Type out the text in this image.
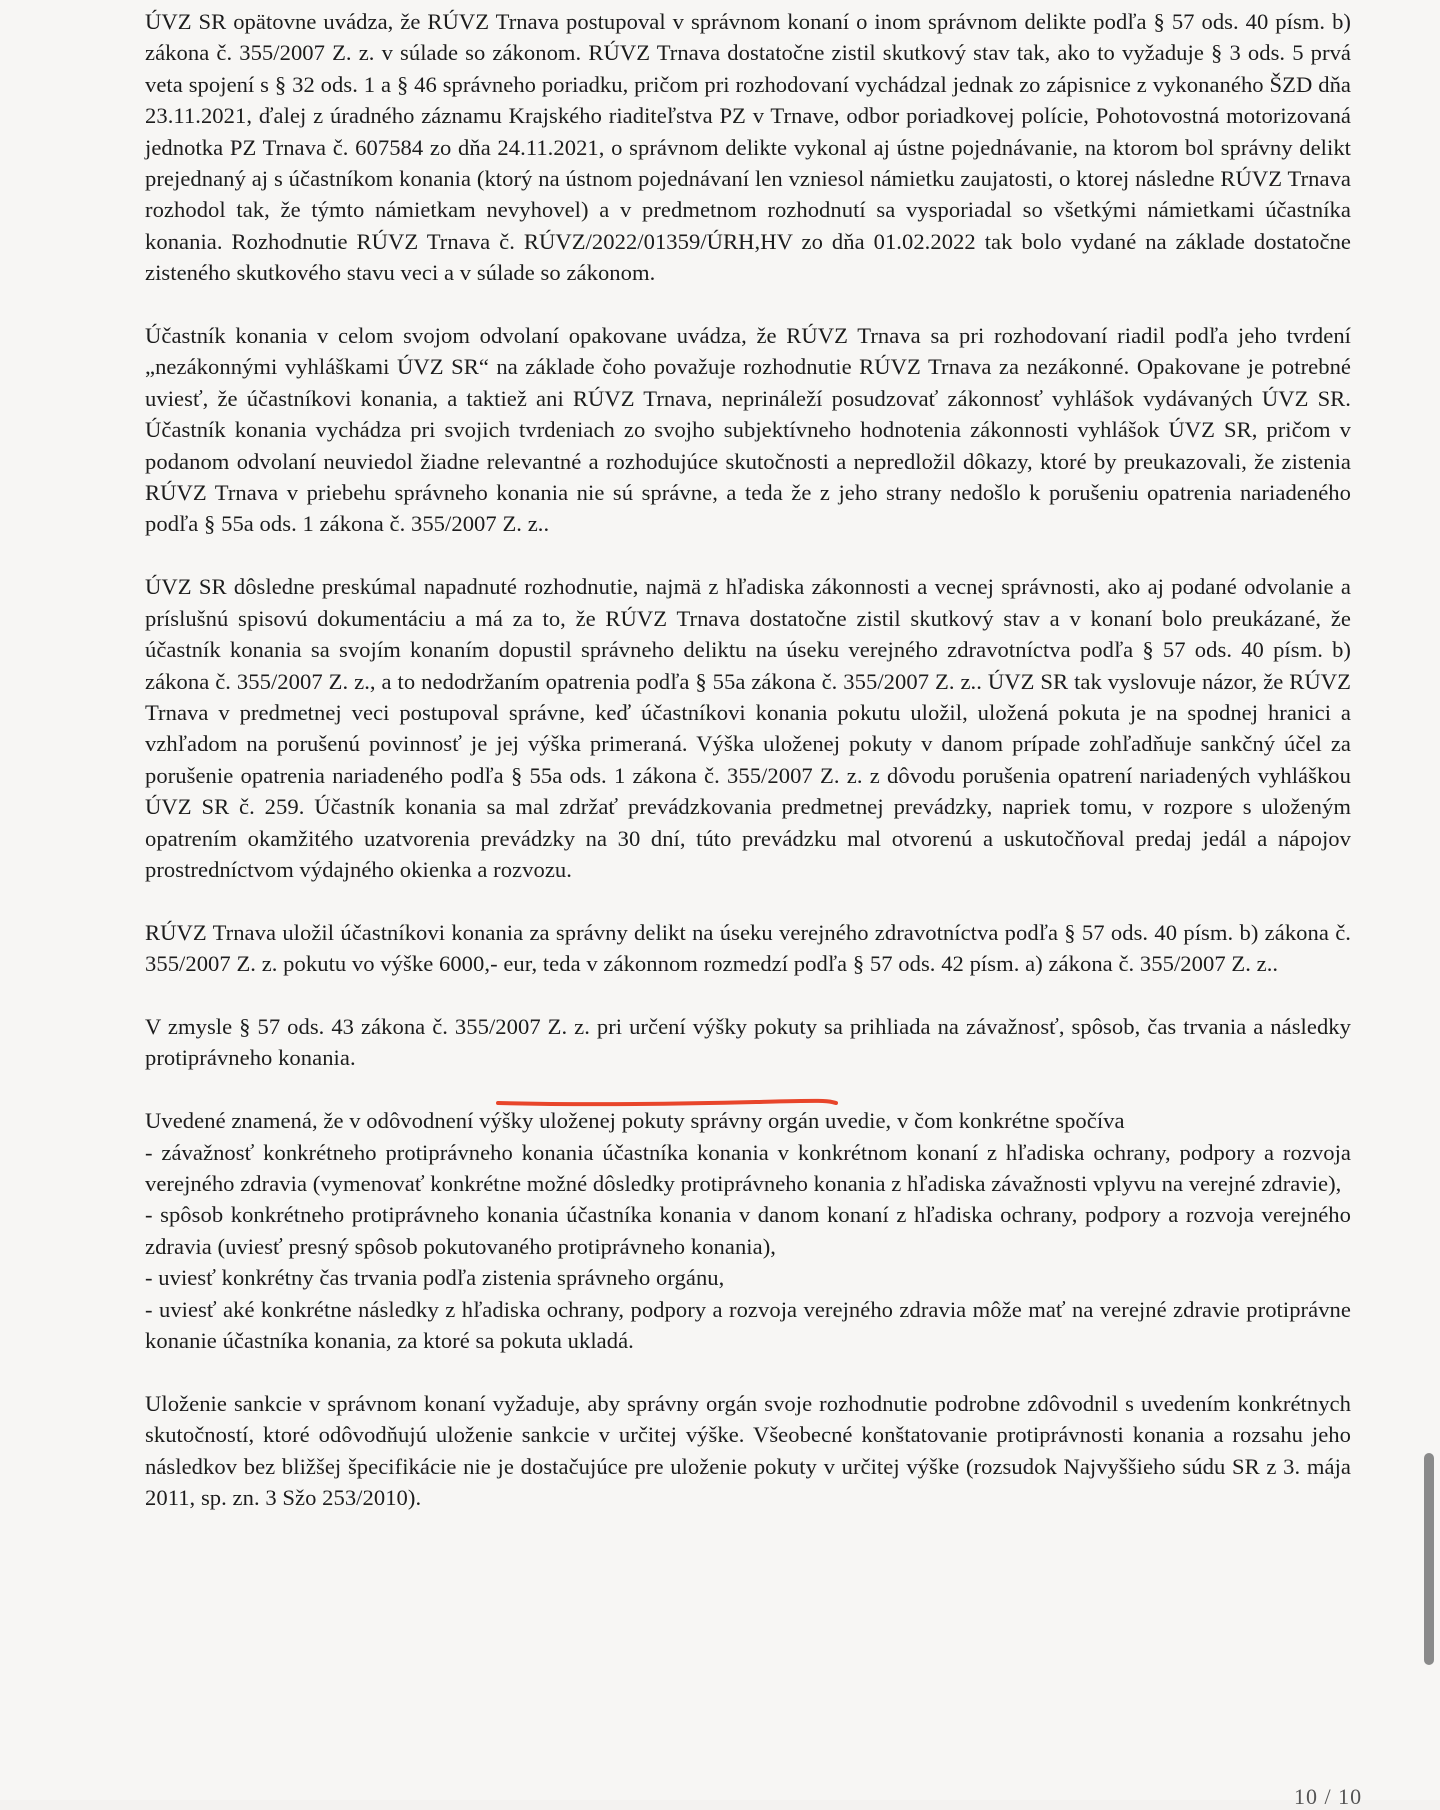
ÚVZ SR opätovne uvádza, že RÚVZ Trnava postupoval v správnom konaní o inom správnom delikte podľa § 57 ods. 40 písm. b) zákona č. 355/2007 Z. z. v súlade so zákonom. RÚVZ Trnava dostatočne zistil skutkový stav tak, ako to vyžaduje § 3 ods. 5 prvá veta spojení s § 32 ods. 1 a § 46 správneho poriadku, pričom pri rozhodovaní vychádzal jednak zo zápisnice z vykonaného ŠZD dňa 23.11.2021, ďalej z úradného záznamu Krajského riaditeľstva PZ v Trnave, odbor poriadkovej polície, Pohotovostná motorizovaná jednotka PZ Trnava č. 607584 zo dňa 24.11.2021, o správnom delikte vykonal aj ústne pojednávanie, na ktorom bol správny delikt prejednaný aj s účastníkom konania (ktorý na ústnom pojednávaní len vzniesol námietku zaujatosti, o ktorej následne RÚVZ Trnava rozhodol tak, že týmto námietkam nevyhovel) a v predmetnom rozhodnutí sa vysporiadal so všetkými námietkami účastníka konania. Rozhodnutie RÚVZ Trnava č. RÚVZ/2022/01359/ÚRH,HV zo dňa 01.02.2022 tak bolo vydané na základe dostatočne zisteného skutkového stavu veci a v súlade so zákonom.

Účastník konania v celom svojom odvolaní opakovane uvádza, že RÚVZ Trnava sa pri rozhodovaní riadil podľa jeho tvrdení „nezákonnými vyhláškami ÚVZ SR“ na základe čoho považuje rozhodnutie RÚVZ Trnava za nezákonné. Opakovane je potrebné uviesť, že účastníkovi konania, a taktiež ani RÚVZ Trnava, neprináleží posudzovať zákonnosť vyhlášok vydávaných ÚVZ SR. Účastník konania vychádza pri svojich tvrdeniach zo svojho subjektívneho hodnotenia zákonnosti vyhlášok ÚVZ SR, pričom v podanom odvolaní neuviedol žiadne relevantné a rozhodujúce skutočnosti a nepredložil dôkazy, ktoré by preukazovali, že zistenia RÚVZ Trnava v priebehu správneho konania nie sú správne, a teda že z jeho strany nedošlo k porušeniu opatrenia nariadeného podľa § 55a ods. 1 zákona č. 355/2007 Z. z..

ÚVZ SR dôsledne preskúmal napadnuté rozhodnutie, najmä z hľadiska zákonnosti a vecnej správnosti, ako aj podané odvolanie a príslušnú spisovú dokumentáciu a má za to, že RÚVZ Trnava dostatočne zistil skutkový stav a v konaní bolo preukázané, že účastník konania sa svojím konaním dopustil správneho deliktu na úseku verejného zdravotníctva podľa § 57 ods. 40 písm. b) zákona č. 355/2007 Z. z., a to nedodržaním opatrenia podľa § 55a zákona č. 355/2007 Z. z.. ÚVZ SR tak vyslovuje názor, že RÚVZ Trnava v predmetnej veci postupoval správne, keď účastníkovi konania pokutu uložil, uložená pokuta je na spodnej hranici a vzhľadom na porušenú povinnosť je jej výška primeraná. Výška uloženej pokuty v danom prípade zohľadňuje sankčný účel za porušenie opatrenia nariadeného podľa § 55a ods. 1 zákona č. 355/2007 Z. z. z dôvodu porušenia opatrení nariadených vyhláškou ÚVZ SR č. 259. Účastník konania sa mal zdržať prevádzkovania predmetnej prevádzky, napriek tomu, v rozpore s uloženým opatrením okamžitého uzatvorenia prevádzky na 30 dní, túto prevádzku mal otvorenú a uskutočňoval predaj jedál a nápojov prostredníctvom výdajného okienka a rozvozu.

RÚVZ Trnava uložil účastníkovi konania za správny delikt na úseku verejného zdravotníctva podľa § 57 ods. 40 písm. b) zákona č. 355/2007 Z. z. pokutu vo výške 6000,- eur, teda v zákonnom rozmedzí podľa § 57 ods. 42 písm. a) zákona č. 355/2007 Z. z..

V zmysle § 57 ods. 43 zákona č. 355/2007 Z. z. pri určení výšky pokuty sa prihliada na závažnosť, spôsob, čas trvania a následky protiprávneho konania.

Uvedené znamená, že v odôvodnení výšky uloženej pokuty správny orgán uvedie, v čom konkrétne spočíva
- závažnosť konkrétneho protiprávneho konania účastníka konania v konkrétnom konaní z hľadiska ochrany, podpory a rozvoja verejného zdravia (vymenovať konkrétne možné dôsledky protiprávneho konania z hľadiska závažnosti vplyvu na verejné zdravie),
- spôsob konkrétneho protiprávneho konania účastníka konania v danom konaní z hľadiska ochrany, podpory a rozvoja verejného zdravia (uviesť presný spôsob pokutovaného protiprávneho konania),
- uviesť konkrétny čas trvania podľa zistenia správneho orgánu,
- uviesť aké konkrétne následky z hľadiska ochrany, podpory a rozvoja verejného zdravia môže mať na verejné zdravie protiprávne konanie účastníka konania, za ktoré sa pokuta ukladá.

Uloženie sankcie v správnom konaní vyžaduje, aby správny orgán svoje rozhodnutie podrobne zdôvodnil s uvedením konkrétnych skutočností, ktoré odôvodňujú uloženie sankcie v určitej výške. Všeobecné konštatovanie protiprávnosti konania a rozsahu jeho následkov bez bližšej špecifikácie nie je dostačujúce pre uloženie pokuty v určitej výške (rozsudok Najvyššieho súdu SR z 3. mája 2011, sp. zn. 3 Sžo 253/2010).

10 / 10
